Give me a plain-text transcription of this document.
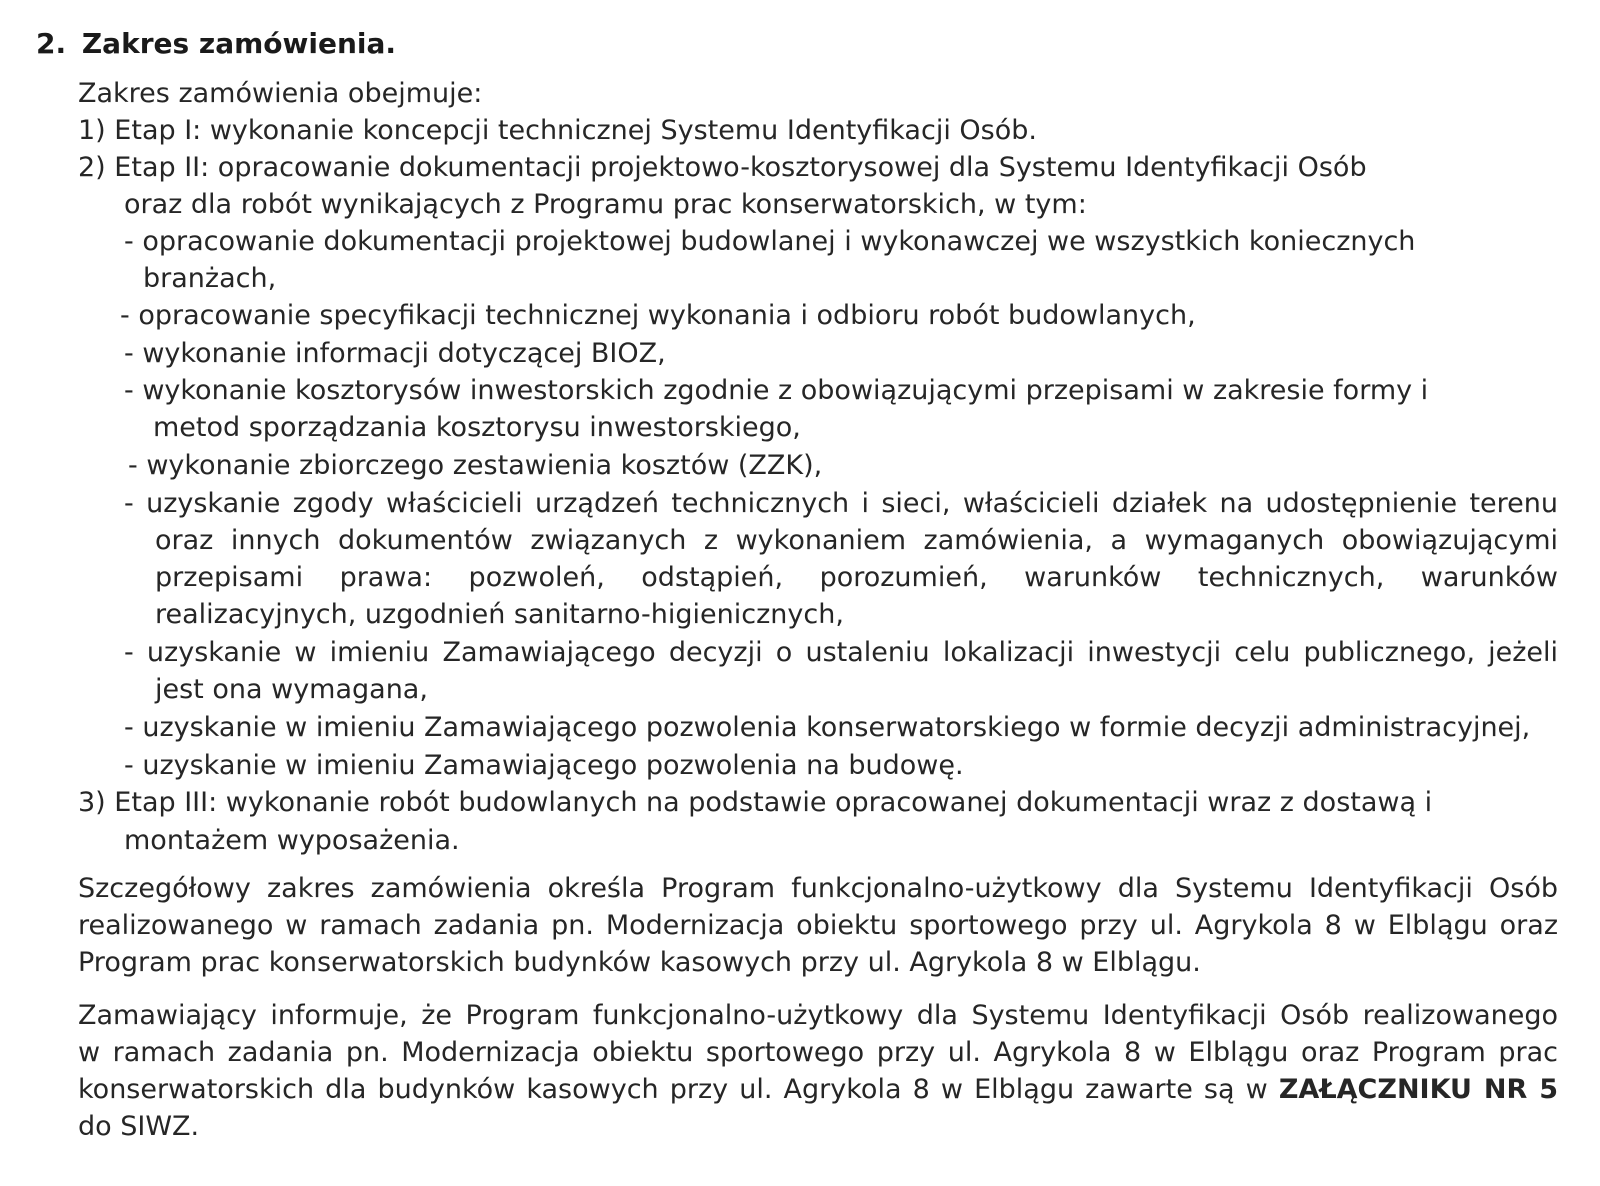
2. Zakres zamówienia.
Zakres zamówienia obejmuje:
1) Etap I: wykonanie koncepcji technicznej Systemu Identyfikacji Osób.
2) Etap II: opracowanie dokumentacji projektowo-kosztorysowej dla Systemu Identyfikacji Osób
oraz dla robót wynikających z Programu prac konserwatorskich, w tym:
- opracowanie dokumentacji projektowej budowlanej i wykonawczej we wszystkich koniecznych
branżach,
- opracowanie specyfikacji technicznej wykonania i odbioru robót budowlanych,
- wykonanie informacji dotyczącej BIOZ,
- wykonanie kosztorysów inwestorskich zgodnie z obowiązującymi przepisami w zakresie formy i
metod sporządzania kosztorysu inwestorskiego,
- wykonanie zbiorczego zestawienia kosztów (ZZK),
- uzyskanie zgody właścicieli urządzeń technicznych i sieci, właścicieli działek na udostępnienie terenu
oraz innych dokumentów związanych z wykonaniem zamówienia, a wymaganych obowiązującymi
przepisami prawa: pozwoleń, odstąpień, porozumień, warunków technicznych, warunków
realizacyjnych, uzgodnień sanitarno-higienicznych,
- uzyskanie w imieniu Zamawiającego decyzji o ustaleniu lokalizacji inwestycji celu publicznego, jeżeli
jest ona wymagana,
- uzyskanie w imieniu Zamawiającego pozwolenia konserwatorskiego w formie decyzji administracyjnej,
- uzyskanie w imieniu Zamawiającego pozwolenia na budowę.
3) Etap III: wykonanie robót budowlanych na podstawie opracowanej dokumentacji wraz z dostawą i
montażem wyposażenia.
Szczegółowy zakres zamówienia określa Program funkcjonalno-użytkowy dla Systemu Identyfikacji Osób
realizowanego w ramach zadania pn. Modernizacja obiektu sportowego przy ul. Agrykola 8 w Elblągu oraz
Program prac konserwatorskich budynków kasowych przy ul. Agrykola 8 w Elblągu.
Zamawiający informuje, że Program funkcjonalno-użytkowy dla Systemu Identyfikacji Osób realizowanego
w ramach zadania pn. Modernizacja obiektu sportowego przy ul. Agrykola 8 w Elblągu oraz Program prac
konserwatorskich dla budynków kasowych przy ul. Agrykola 8 w Elblągu zawarte są w ZAŁĄCZNIKU NR 5
do SIWZ.
